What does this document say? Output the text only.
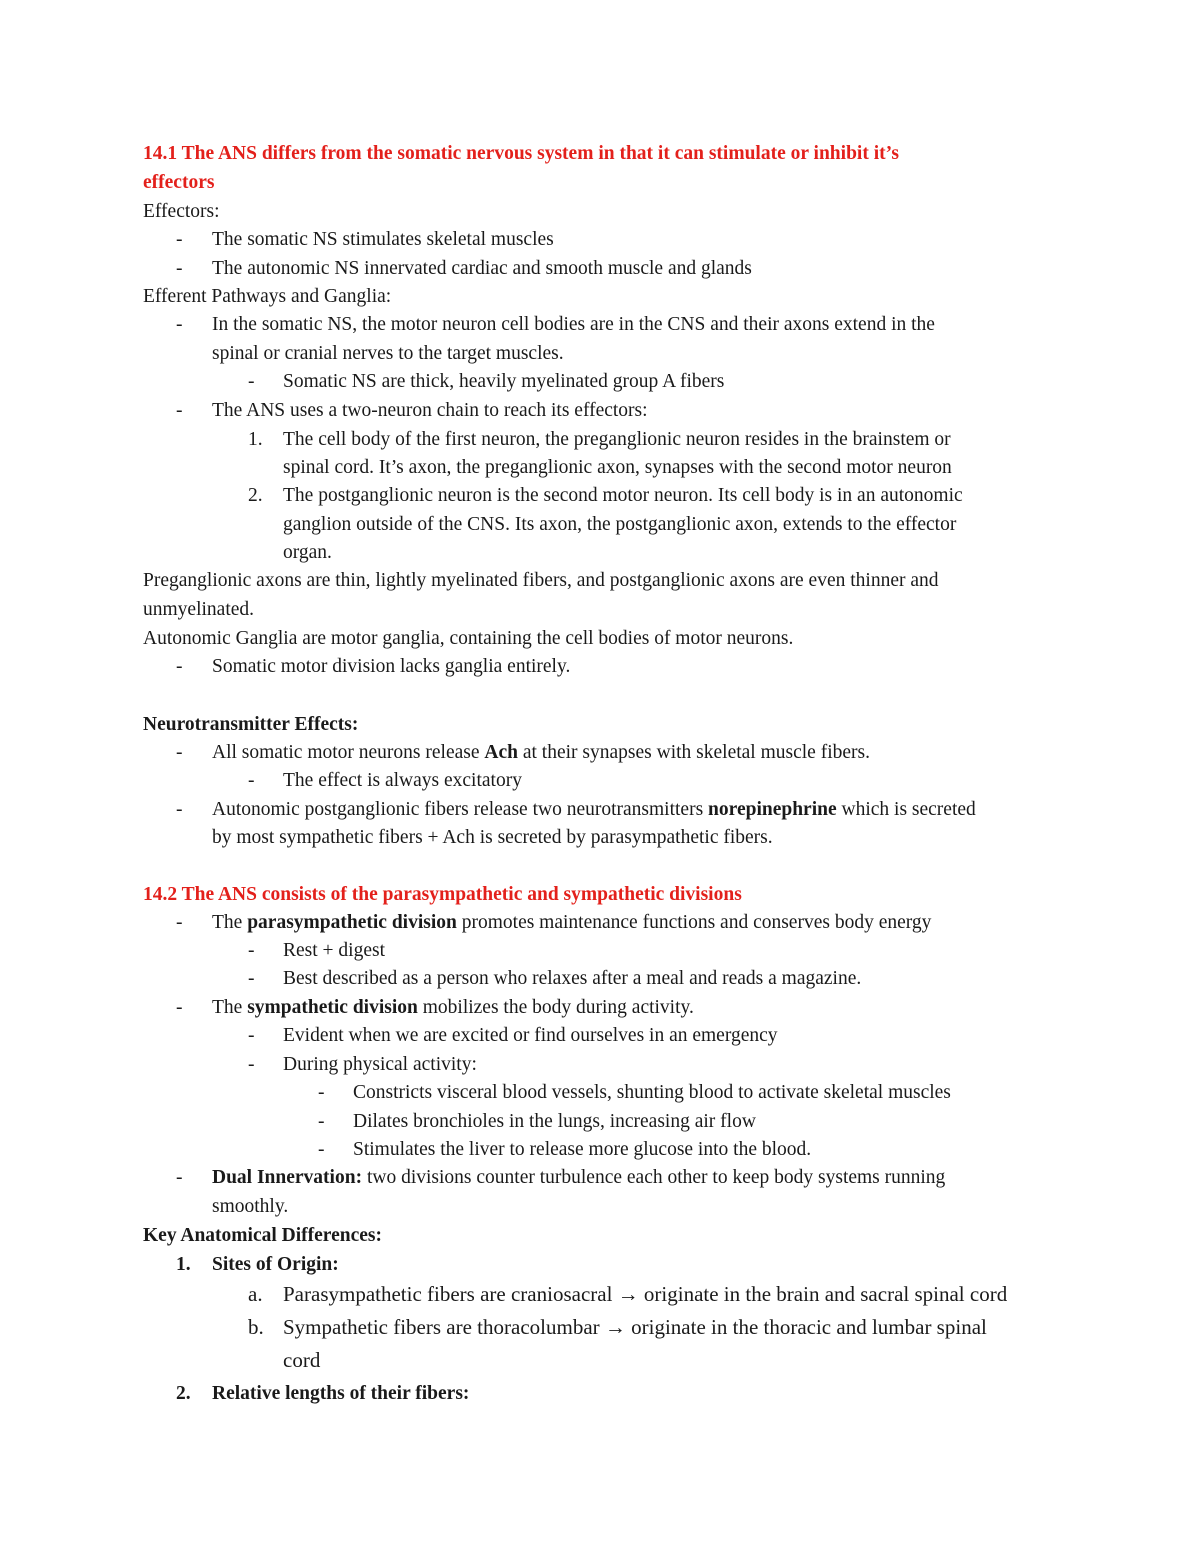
14.1 The ANS differs from the somatic nervous system in that it can stimulate or inhibit it’s
effectors
Effectors:
- The somatic NS stimulates skeletal muscles
- The autonomic NS innervated cardiac and smooth muscle and glands
Efferent Pathways and Ganglia:
- In the somatic NS, the motor neuron cell bodies are in the CNS and their axons extend in the
spinal or cranial nerves to the target muscles.
- Somatic NS are thick, heavily myelinated group A fibers
- The ANS uses a two-neuron chain to reach its effectors:
1. The cell body of the first neuron, the preganglionic neuron resides in the brainstem or
spinal cord. It’s axon, the preganglionic axon, synapses with the second motor neuron
2. The postganglionic neuron is the second motor neuron. Its cell body is in an autonomic
ganglion outside of the CNS. Its axon, the postganglionic axon, extends to the effector
organ.
Preganglionic axons are thin, lightly myelinated fibers, and postganglionic axons are even thinner and
unmyelinated.
Autonomic Ganglia are motor ganglia, containing the cell bodies of motor neurons.
- Somatic motor division lacks ganglia entirely.
Neurotransmitter Effects:
- All somatic motor neurons release Ach at their synapses with skeletal muscle fibers.
- The effect is always excitatory
- Autonomic postganglionic fibers release two neurotransmitters norepinephrine which is secreted
by most sympathetic fibers + Ach is secreted by parasympathetic fibers.
14.2 The ANS consists of the parasympathetic and sympathetic divisions
- The parasympathetic division promotes maintenance functions and conserves body energy
- Rest + digest
- Best described as a person who relaxes after a meal and reads a magazine.
- The sympathetic division mobilizes the body during activity.
- Evident when we are excited or find ourselves in an emergency
- During physical activity:
- Constricts visceral blood vessels, shunting blood to activate skeletal muscles
- Dilates bronchioles in the lungs, increasing air flow
- Stimulates the liver to release more glucose into the blood.
- Dual Innervation: two divisions counter turbulence each other to keep body systems running
smoothly.
Key Anatomical Differences:
1. Sites of Origin:
a. Parasympathetic fibers are craniosacral → originate in the brain and sacral spinal cord
b. Sympathetic fibers are thoracolumbar → originate in the thoracic and lumbar spinal
cord
2. Relative lengths of their fibers:
